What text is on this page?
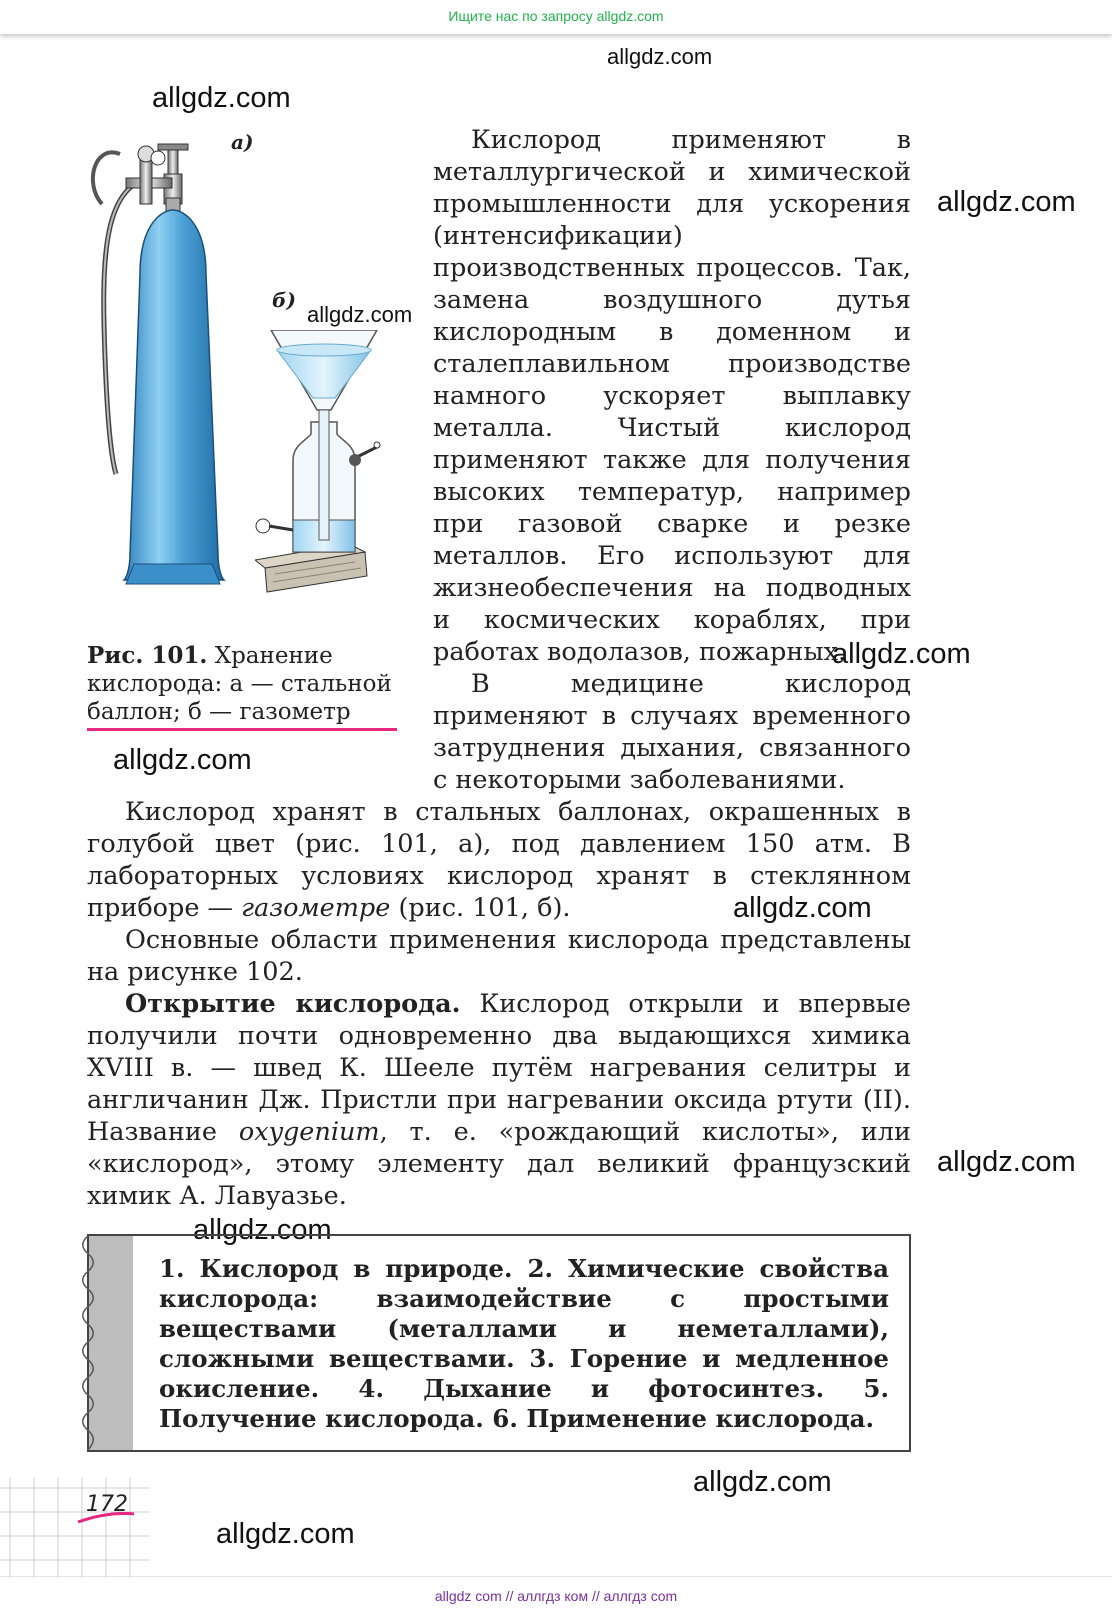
Ищите нас по запросу allgdz.com
allgdz.com
allgdz.com
allgdz.com
allgdz.com
allgdz.com
allgdz.com
allgdz.com
allgdz.com
allgdz.com
allgdz.com
allgdz.com
а)
б)
Рис. 101. Хранение кислорода: а — стальной баллон; б — газометр

Кислород применяют в металлургической и химической промышленности для ускорения (интенсификации) производственных процессов. Так, замена воздушного дутья кислородным в доменном и сталеплавильном производстве намного ускоряет выплавку металла. Чистый кислород применяют также для получения высоких температур, например при газовой сварке и резке металлов. Его используют для жизнеобеспечения на подводных и космических кораблях, при работах водолазов, пожарных.

В медицине кислород применяют в случаях временного затруднения дыхания, связанного с некоторыми заболеваниями.

Кислород хранят в стальных баллонах, окрашенных в голубой цвет (рис. 101, а), под давлением 150 атм. В лабораторных условиях кислород хранят в стеклянном приборе — газометре (рис. 101, б).

Основные области применения кислорода представлены на рисунке 102.

Открытие кислорода. Кислород открыли и впервые получили почти одновременно два выдающихся химика XVIII в. — швед К. Шееле путём нагревания селитры и англичанин Дж. Пристли при нагревании оксида ртути (II). Название oxygenium, т. е. «рождающий кислоты», или «кислород», этому элементу дал великий французский химик А. Лавуазье.

1. Кислород в природе. 2. Химические свойства кислорода: взаимодействие с простыми веществами (металлами и неметаллами), сложными веществами. 3. Горение и медленное окисление. 4. Дыхание и фотосинтез. 5. Получение кислорода. 6. Применение кислорода.
172
allgdz com // аллгдз ком // аллгдз com
